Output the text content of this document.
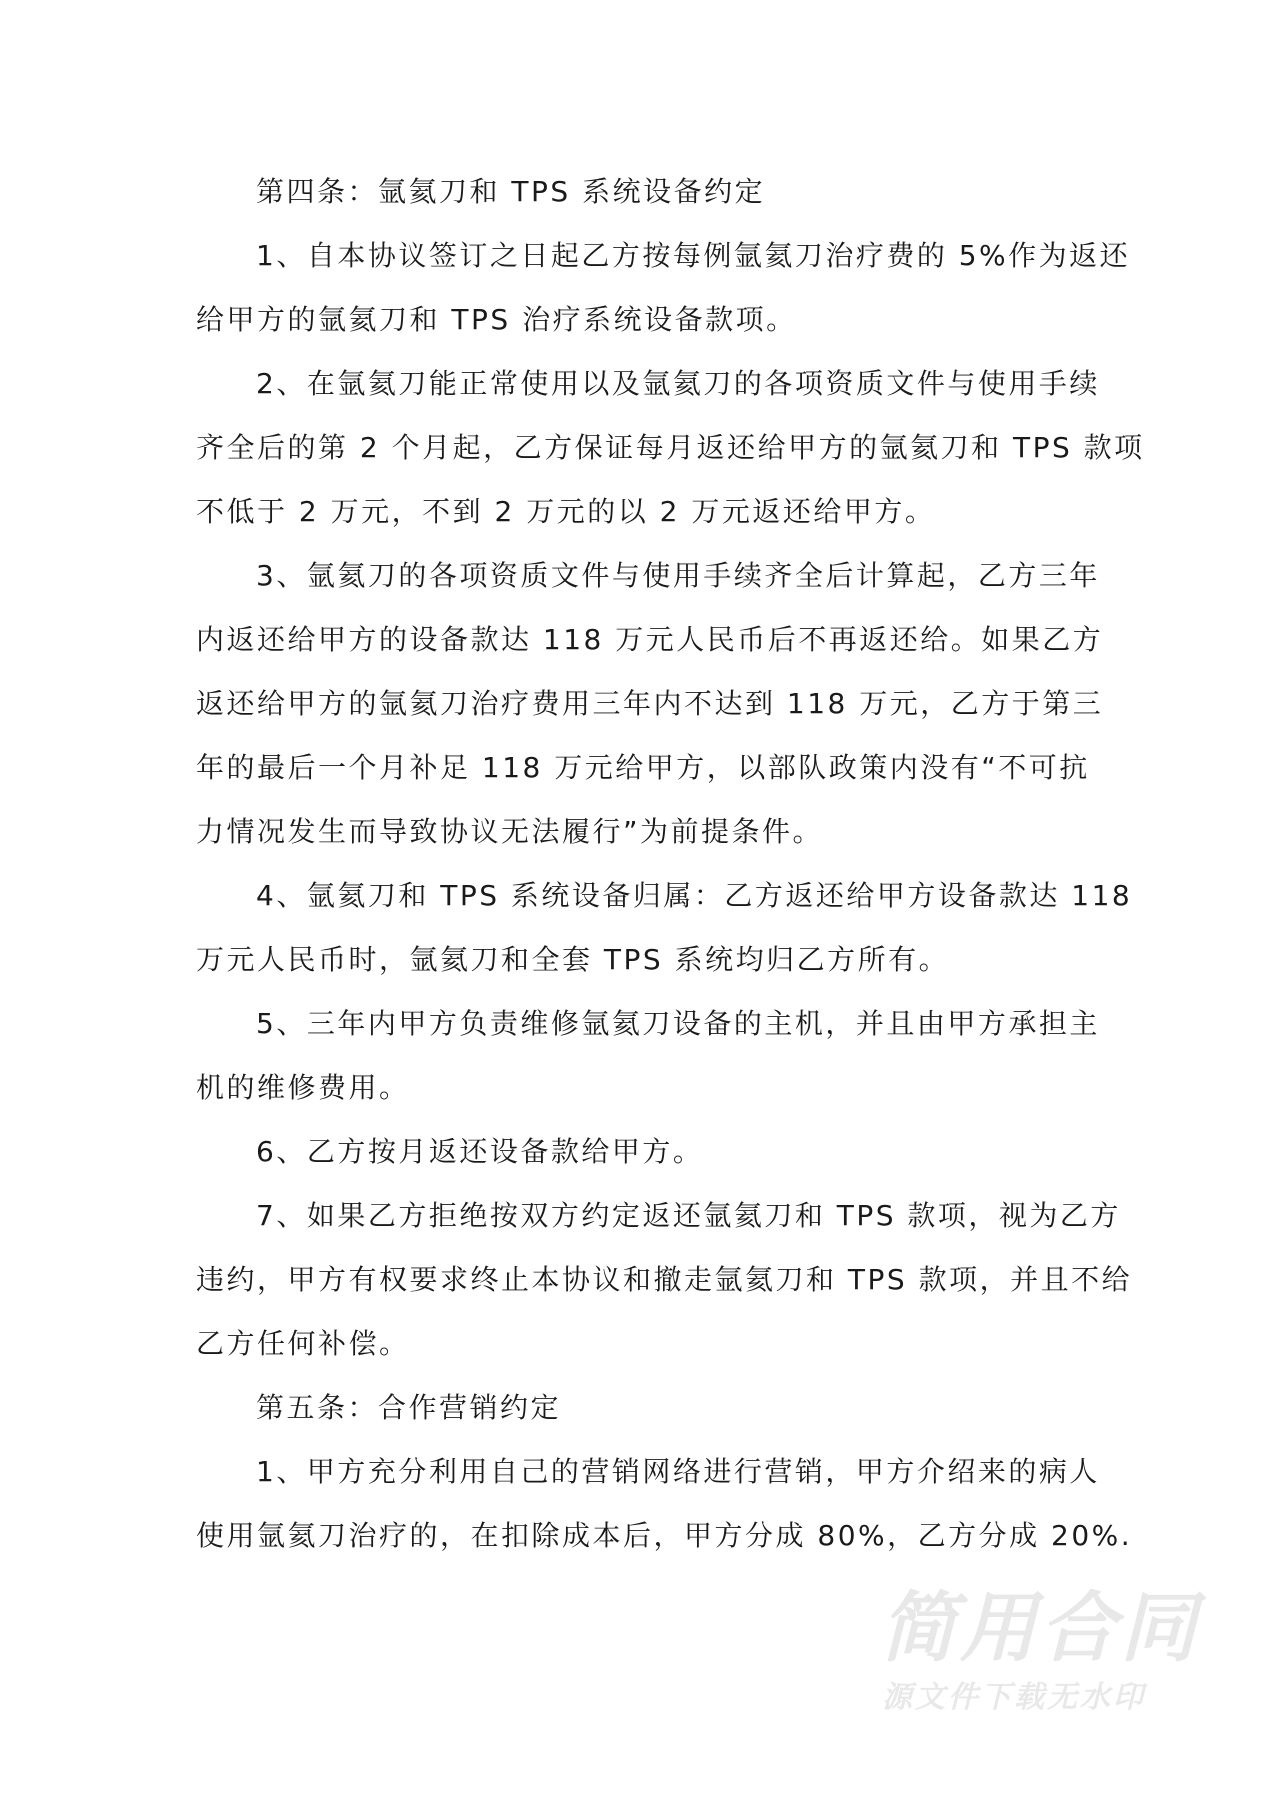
第四条：氩氦刀和 TPS 系统设备约定

1、自本协议签订之日起乙方按每例氩氦刀治疗费的 5%作为返还
给甲方的氩氦刀和 TPS 治疗系统设备款项。

2、在氩氦刀能正常使用以及氩氦刀的各项资质文件与使用手续
齐全后的第 2 个月起，乙方保证每月返还给甲方的氩氦刀和 TPS 款项
不低于 2 万元，不到 2 万元的以 2 万元返还给甲方。

3、氩氦刀的各项资质文件与使用手续齐全后计算起，乙方三年
内返还给甲方的设备款达 118 万元人民币后不再返还给。如果乙方
返还给甲方的氩氦刀治疗费用三年内不达到 118 万元，乙方于第三
年的最后一个月补足 118 万元给甲方，以部队政策内没有“不可抗
力情况发生而导致协议无法履行”为前提条件。

4、氩氦刀和 TPS 系统设备归属：乙方返还给甲方设备款达 118
万元人民币时，氩氦刀和全套 TPS 系统均归乙方所有。

5、三年内甲方负责维修氩氦刀设备的主机，并且由甲方承担主
机的维修费用。

6、乙方按月返还设备款给甲方。

7、如果乙方拒绝按双方约定返还氩氦刀和 TPS 款项，视为乙方
违约，甲方有权要求终止本协议和撤走氩氦刀和 TPS 款项，并且不给
乙方任何补偿。

第五条：合作营销约定

1、甲方充分利用自己的营销网络进行营销，甲方介绍来的病人
使用氩氦刀治疗的，在扣除成本后，甲方分成 80%，乙方分成 20%.

简用合同
源文件下载无水印
